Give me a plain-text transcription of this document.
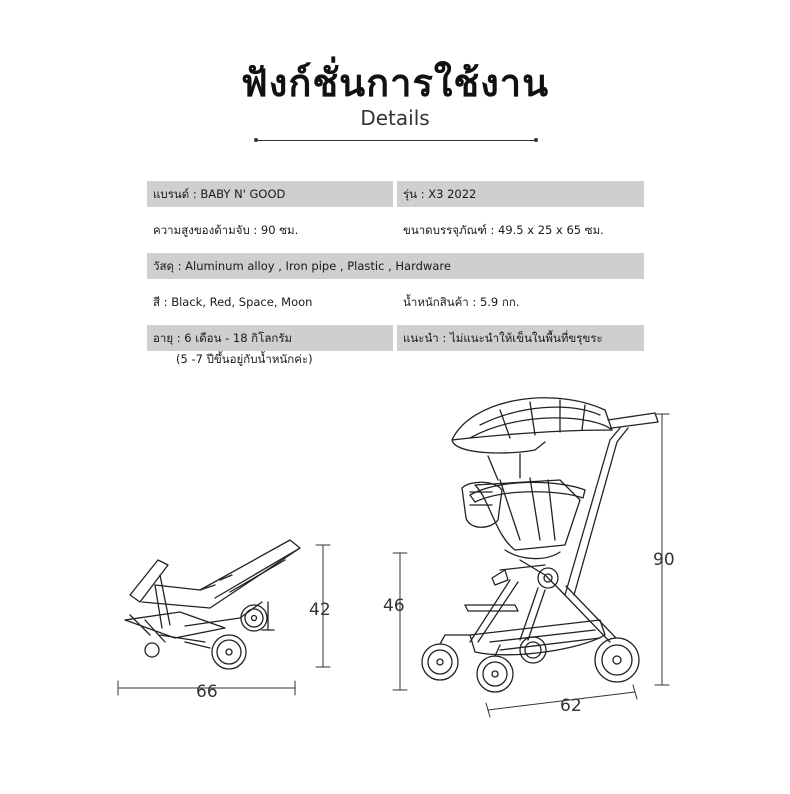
ฟังก์ชั่นการใช้งาน
Details
แบรนด์ : BABY N' GOOD	รุ่น : X3 2022
ความสูงของด้ามจับ : 90 ซม.	ขนาดบรรจุภัณฑ์ : 49.5 x 25 x 65 ซม.
วัสดุ : Aluminum alloy , Iron pipe , Plastic , Hardware
สี : Black, Red, Space, Moon	น้ำหนักสินค้า : 5.9 กก.
อายุ : 6 เดือน - 18 กิโลกรัม	แนะนำ : ไม่แนะนำให้เข็นในพื้นที่ขรุขระ
(5 -7 ปีขึ้นอยู่กับน้ำหนักค่ะ)
66
42	46
90
62
